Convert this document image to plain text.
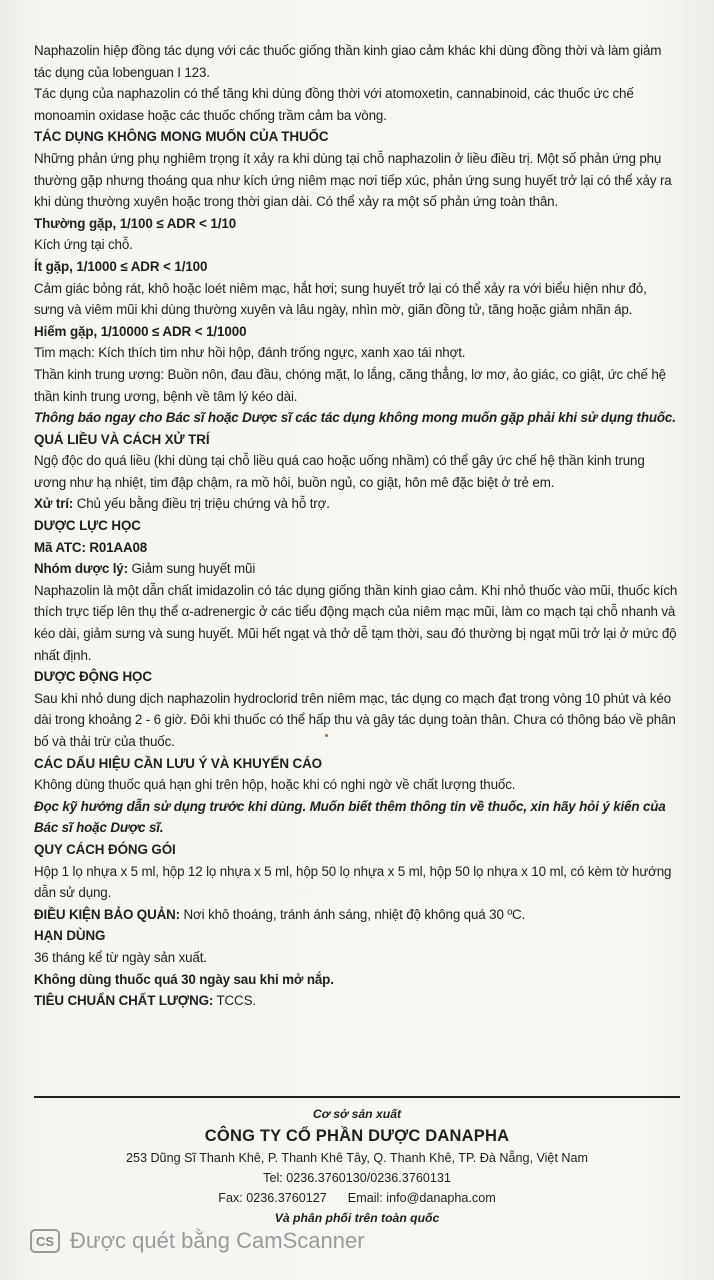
Naphazolin hiệp đồng tác dụng với các thuốc giống thần kinh giao cảm khác khi dùng đồng thời và làm giảm tác dụng của lobenguan I 123.

Tác dụng của naphazolin có thể tăng khi dùng đồng thời với atomoxetin, cannabinoid, các thuốc ức chế monoamin oxidase hoặc các thuốc chống trầm cảm ba vòng.

TÁC DỤNG KHÔNG MONG MUỐN CỦA THUỐC

Những phản ứng phụ nghiêm trọng ít xảy ra khi dùng tại chỗ naphazolin ở liều điều trị. Một số phản ứng phụ thường gặp nhưng thoáng qua như kích ứng niêm mạc nơi tiếp xúc, phản ứng sung huyết trở lại có thể xảy ra khi dùng thường xuyên hoặc trong thời gian dài. Có thể xảy ra một số phản ứng toàn thân.

Thường gặp, 1/100 ≤ ADR < 1/10

Kích ứng tại chỗ.

Ít gặp, 1/1000 ≤ ADR < 1/100

Cảm giác bỏng rát, khô hoặc loét niêm mạc, hắt hơi; sung huyết trở lại có thể xảy ra với biểu hiện như đỏ, sưng và viêm mũi khi dùng thường xuyên và lâu ngày, nhìn mờ, giãn đồng tử, tăng hoặc giảm nhãn áp.

Hiếm gặp, 1/10000 ≤ ADR < 1/1000

Tim mạch: Kích thích tim như hồi hộp, đánh trống ngực, xanh xao tái nhợt.

Thần kinh trung ương: Buồn nôn, đau đầu, chóng mặt, lo lắng, căng thẳng, lơ mơ, ảo giác, co giật, ức chế hệ thần kinh trung ương, bệnh về tâm lý kéo dài.

Thông báo ngay cho Bác sĩ hoặc Dược sĩ các tác dụng không mong muốn gặp phải khi sử dụng thuốc.

QUÁ LIỀU VÀ CÁCH XỬ TRÍ

Ngộ độc do quá liều (khi dùng tại chỗ liều quá cao hoặc uống nhầm) có thể gây ức chế hệ thần kinh trung ương như hạ nhiệt, tim đập chậm, ra mồ hôi, buồn ngủ, co giật, hôn mê đặc biệt ở trẻ em.

Xử trí: Chủ yếu bằng điều trị triệu chứng và hỗ trợ.

DƯỢC LỰC HỌC

Mã ATC: R01AA08

Nhóm dược lý: Giảm sung huyết mũi

Naphazolin là một dẫn chất imidazolin có tác dụng giống thần kinh giao cảm. Khi nhỏ thuốc vào mũi, thuốc kích thích trực tiếp lên thụ thể α-adrenergic ở các tiểu động mạch của niêm mạc mũi, làm co mạch tại chỗ nhanh và kéo dài, giảm sưng và sung huyết. Mũi hết ngạt và thở dễ tạm thời, sau đó thường bị ngạt mũi trở lại ở mức độ nhất định.

DƯỢC ĐỘNG HỌC

Sau khi nhỏ dung dịch naphazolin hydroclorid trên niêm mạc, tác dụng co mạch đạt trong vòng 10 phút và kéo dài trong khoảng 2 - 6 giờ. Đôi khi thuốc có thể hấp thu và gây tác dụng toàn thân. Chưa có thông báo về phân bố và thải trừ của thuốc.

CÁC DẤU HIỆU CẦN LƯU Ý VÀ KHUYẾN CÁO

Không dùng thuốc quá hạn ghi trên hộp, hoặc khi có nghi ngờ về chất lượng thuốc.

Đọc kỹ hướng dẫn sử dụng trước khi dùng. Muốn biết thêm thông tin về thuốc, xin hãy hỏi ý kiến của Bác sĩ hoặc Dược sĩ.

QUY CÁCH ĐÓNG GÓI

Hộp 1 lọ nhựa x 5 ml, hộp 12 lọ nhựa x 5 ml, hộp 50 lọ nhựa x 5 ml, hộp 50 lọ nhựa x 10 ml, có kèm tờ hướng dẫn sử dụng.

ĐIỀU KIỆN BẢO QUẢN: Nơi khô thoáng, tránh ánh sáng, nhiệt độ không quá 30 ºC.

HẠN DÙNG

36 tháng kể từ ngày sản xuất.

Không dùng thuốc quá 30 ngày sau khi mở nắp.

TIÊU CHUẨN CHẤT LƯỢNG: TCCS.

Cơ sở sản xuất
CÔNG TY CỔ PHẦN DƯỢC DANAPHA
253 Dũng Sĩ Thanh Khê, P. Thanh Khê Tây, Q. Thanh Khê, TP. Đà Nẵng, Việt Nam
Tel: 0236.3760130/0236.3760131
Fax: 0236.3760127      Email: info@danapha.com
Và phân phối trên toàn quốc
CS Được quét bằng CamScanner
